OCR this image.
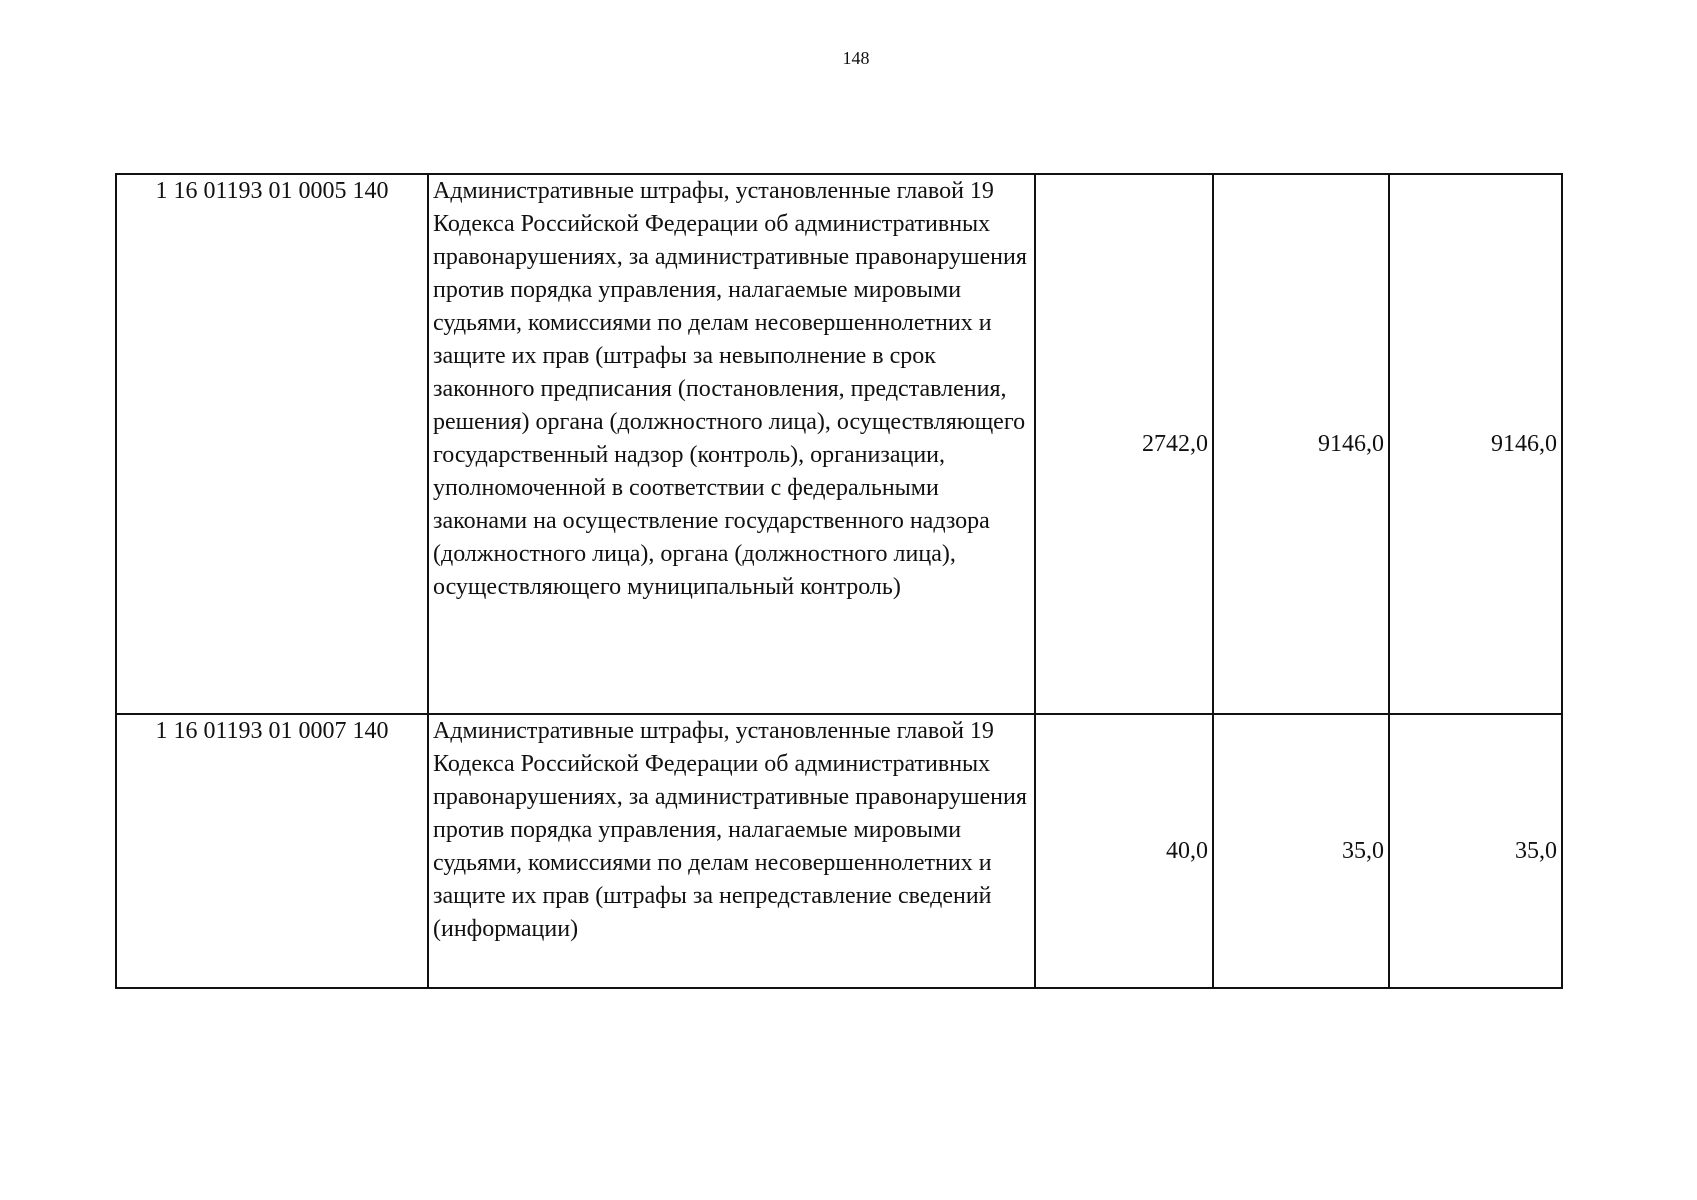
148
1 16 01193 01 0005 140	Административные штрафы, установленные главой 19 Кодекса Российской Федерации об административных правонарушениях, за административные правонарушения против порядка управления, налагаемые мировыми судьями, комиссиями по делам несовершеннолетних и защите их прав (штрафы за невыполнение в срок законного предписания (постановления, представления, решения) органа (должностного лица), осуществляющего государственный надзор (контроль), организации, уполномоченной в соответствии с федеральными законами на осуществление государственного надзора (должностного лица), органа (должностного лица), осуществляющего муниципальный контроль)	2742,0	9146,0	9146,0
1 16 01193 01 0007 140	Административные штрафы, установленные главой 19 Кодекса Российской Федерации об административных правонарушениях, за административные правонарушения против порядка управления, налагаемые мировыми судьями, комиссиями по делам несовершеннолетних и защите их прав (штрафы за непредставление сведений (информации)	40,0	35,0	35,0
